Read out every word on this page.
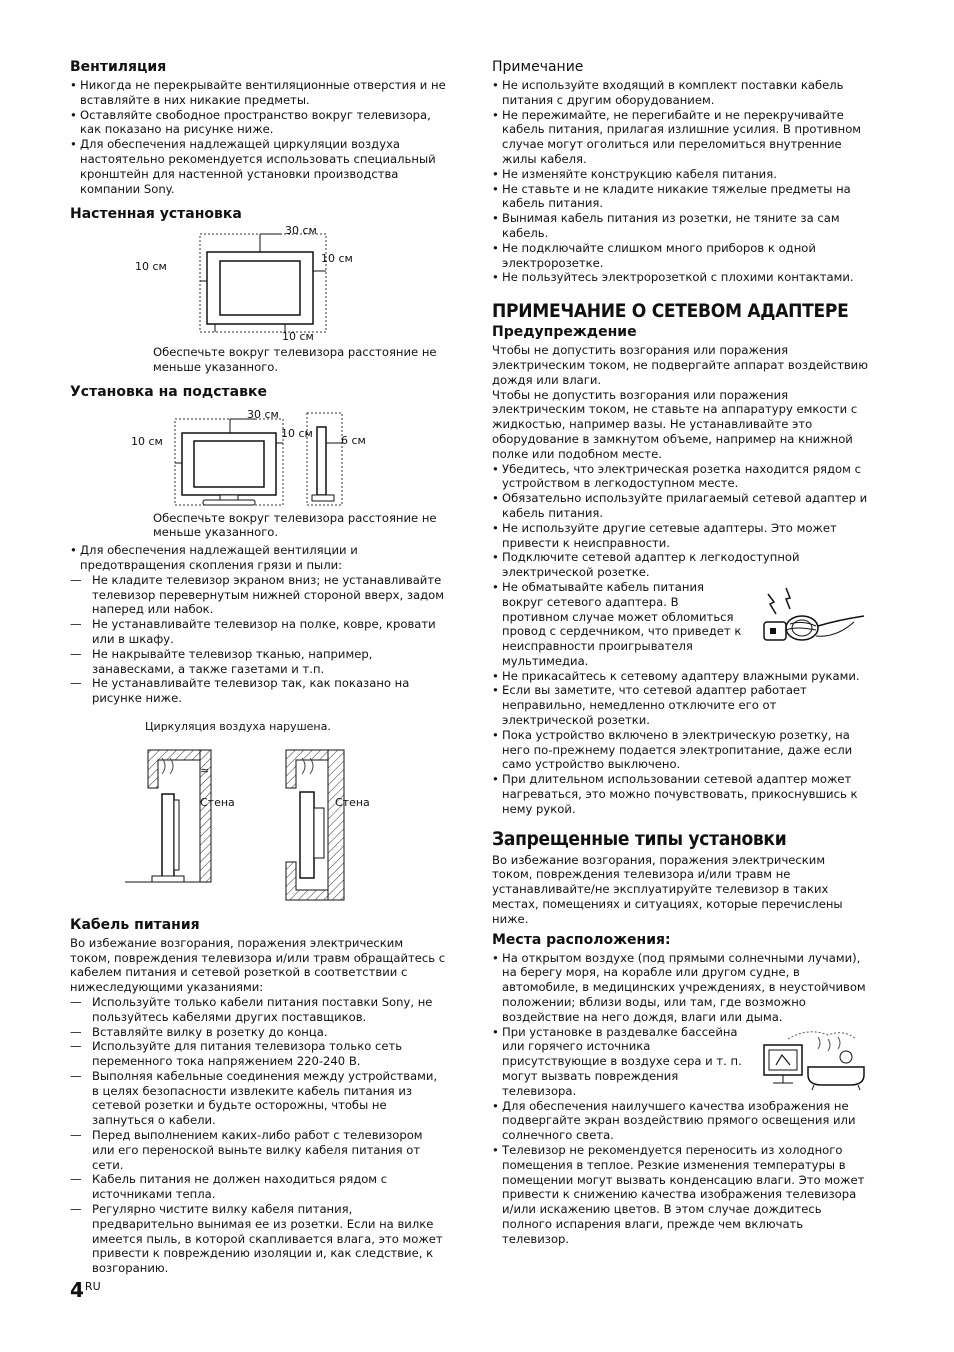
Вентиляция
• Никогда не перекрывайте вентиляционные отверстия и не вставляйте в них никакие предметы.
• Оставляйте свободное пространство вокруг телевизора, как показано на рисунке ниже.
• Для обеспечения надлежащей циркуляции воздуха настоятельно рекомендуется использовать специальный кронштейн для настенной установки производства компании Sony.
Настенная установка
30 см
10 см
10 см
10 см

Обеспечьте вокруг телевизора расстояние не меньше указанного.

Установка на подставке
30 см
10 см
10 см
6 см

Обеспечьте вокруг телевизора расстояние не меньше указанного.

• Для обеспечения надлежащей вентиляции и предотвращения скопления грязи и пыли:
— Не кладите телевизор экраном вниз; не устанавливайте телевизор перевернутым нижней стороной вверх, задом наперед или набок.
— Не устанавливайте телевизор на полке, ковре, кровати или в шкафу.
— Не накрывайте телевизор тканью, например, занавесками, а также газетами и т.п.
— Не устанавливайте телевизор так, как показано на рисунке ниже.
Циркуляция воздуха нарушена.
≈
Стена	Стена
Кабель питания

Во избежание возгорания, поражения электрическим током, повреждения телевизора и/или травм обращайтесь с кабелем питания и сетевой розеткой в соответствии с нижеследующими указаниями:

— Используйте только кабели питания поставки Sony, не пользуйтесь кабелями других поставщиков.
— Вставляйте вилку в розетку до конца.
— Используйте для питания телевизора только сеть переменного тока напряжением 220-240 В.
— Выполняя кабельные соединения между устройствами, в целях безопасности извлеките кабель питания из сетевой розетки и будьте осторожны, чтобы не запнуться о кабели.
— Перед выполнением каких-либо работ с телевизором или его переноской выньте вилку кабеля питания от сети.
— Кабель питания не должен находиться рядом с источниками тепла.
— Регулярно чистите вилку кабеля питания, предварительно вынимая ее из розетки. Если на вилке имеется пыль, в которой скапливается влага, это может привести к повреждению изоляции и, как следствие, к возгоранию.
Примечание
• Не используйте входящий в комплект поставки кабель питания с другим оборудованием.
• Не пережимайте, не перегибайте и не перекручивайте кабель питания, прилагая излишние усилия. В противном случае могут оголиться или переломиться внутренние жилы кабеля.
• Не изменяйте конструкцию кабеля питания.
• Не ставьте и не кладите никакие тяжелые предметы на кабель питания.
• Вынимая кабель питания из розетки, не тяните за сам кабель.
• Не подключайте слишком много приборов к одной электророзетке.
• Не пользуйтесь электророзеткой с плохими контактами.
ПРИМЕЧАНИЕ О СЕТЕВОМ АДАПТЕРЕ
Предупреждение

Чтобы не допустить возгорания или поражения электрическим током, не подвергайте аппарат воздействию дождя или влаги.

Чтобы не допустить возгорания или поражения электрическим током, не ставьте на аппаратуру емкости с жидкостью, например вазы. Не устанавливайте это оборудование в замкнутом объеме, например на книжной полке или подобном месте.

• Убедитесь, что электрическая розетка находится рядом с устройством в легкодоступном месте.
• Обязательно используйте прилагаемый сетевой адаптер и кабель питания.
• Не используйте другие сетевые адаптеры. Это может привести к неисправности.
• Подключите сетевой адаптер к легкодоступной электрической розетке.
• Не обматывайте кабель питания вокруг сетевого адаптера. В противном случае может обломиться провод с сердечником, что приведет к неисправности проигрывателя мультимедиа.
• Не прикасайтесь к сетевому адаптеру влажными руками.
• Если вы заметите, что сетевой адаптер работает неправильно, немедленно отключите его от электрической розетки.
• Пока устройство включено в электрическую розетку, на него по-прежнему подается электропитание, даже если само устройство выключено.
• При длительном использовании сетевой адаптер может нагреваться, это можно почувствовать, прикоснувшись к нему рукой.
Запрещенные типы установки

Во избежание возгорания, поражения электрическим током, повреждения телевизора и/или травм не устанавливайте/не эксплуатируйте телевизор в таких местах, помещениях и ситуациях, которые перечислены ниже.

Места расположения:
• На открытом воздухе (под прямыми солнечными лучами), на берегу моря, на корабле или другом судне, в автомобиле, в медицинских учреждениях, в неустойчивом положении; вблизи воды, или там, где возможно воздействие на него дождя, влаги или дыма.
• При установке в раздевалке бассейна или горячего источника присутствующие в воздухе сера и т. п. могут вызвать повреждения телевизора.
• Для обеспечения наилучшего качества изображения не подвергайте экран воздействию прямого освещения или солнечного света.
• Телевизор не рекомендуется переносить из холодного помещения в теплое. Резкие изменения температуры в помещении могут вызвать конденсацию влаги. Это может привести к снижению качества изображения телевизора и/или искажению цветов. В этом случае дождитесь полного испарения влаги, прежде чем включать телевизор.
$4^{RU}$
